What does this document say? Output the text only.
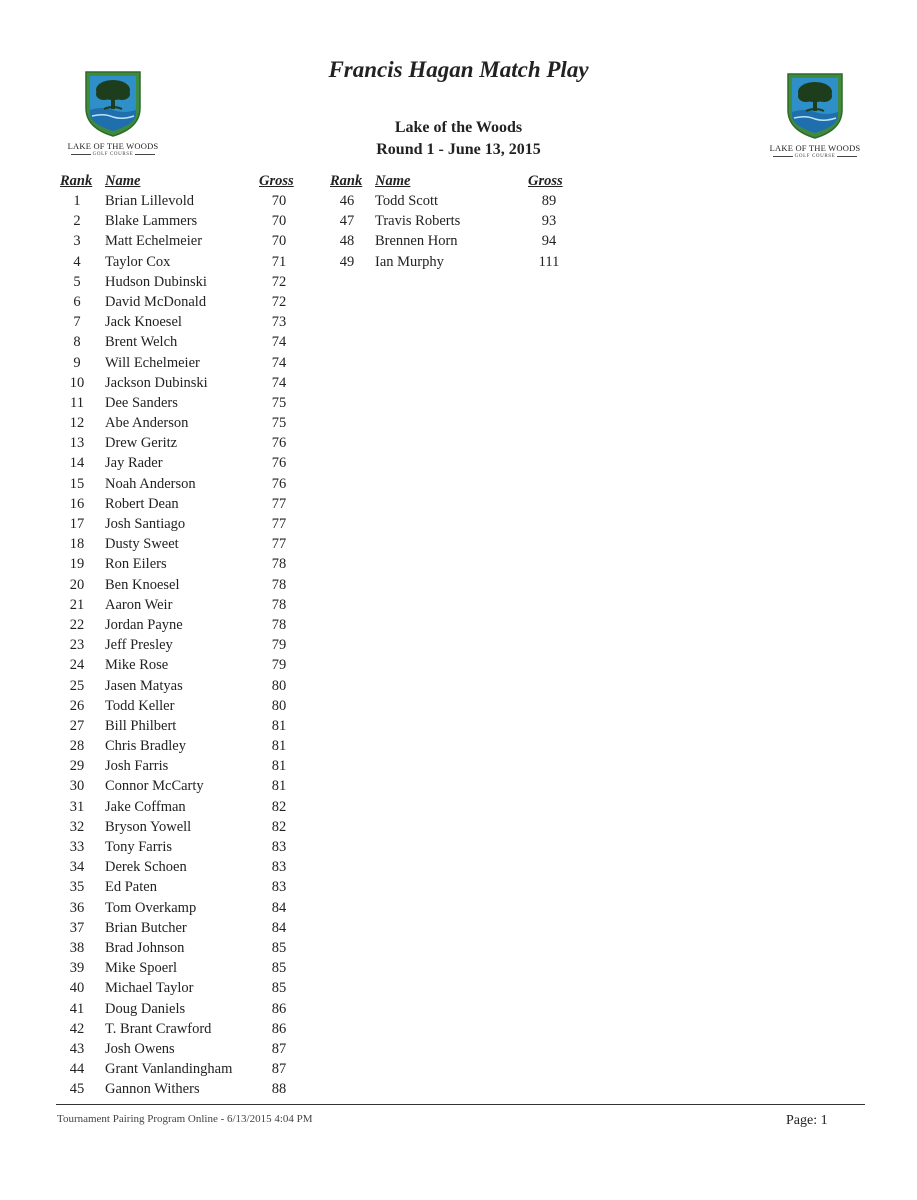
LAKE OF THE WOODS
GOLF COURSE
LAKE OF THE WOODS
GOLF COURSE
Francis Hagan Match Play
Lake of the Woods
Round 1 - June 13, 2015
Rank Name	Gross	Rank Name	Gross
1	Brian Lillevold	70
2	Blake Lammers	70
3	Matt Echelmeier	70
4	Taylor Cox	71
5	Hudson Dubinski	72
6	David McDonald	72
7	Jack Knoesel	73
8	Brent Welch	74
9	Will Echelmeier	74
10	Jackson Dubinski	74
11	Dee Sanders	75
12	Abe Anderson	75
13	Drew Geritz	76
14	Jay Rader	76
15	Noah Anderson	76
16	Robert Dean	77
17	Josh Santiago	77
18	Dusty Sweet	77
19	Ron Eilers	78
20	Ben Knoesel	78
21	Aaron Weir	78
22	Jordan Payne	78
23	Jeff Presley	79
24	Mike Rose	79
25	Jasen Matyas	80
26	Todd Keller	80
27	Bill Philbert	81
28	Chris Bradley	81
29	Josh Farris	81
30	Connor McCarty	81
31	Jake Coffman	82
32	Bryson Yowell	82
33	Tony Farris	83
34	Derek Schoen	83
35	Ed Paten	83
36	Tom Overkamp	84
37	Brian Butcher	84
38	Brad Johnson	85
39	Mike Spoerl	85
40	Michael Taylor	85
41	Doug Daniels	86
42	T. Brant Crawford	86
43	Josh Owens	87
44	Grant Vanlandingham	87
45	Gannon Withers	88
46	Todd Scott	89
47	Travis Roberts	93
48	Brennen Horn	94
49	Ian Murphy	111
Tournament Pairing Program Online - 6/13/2015 4:04 PM	Page: 1
